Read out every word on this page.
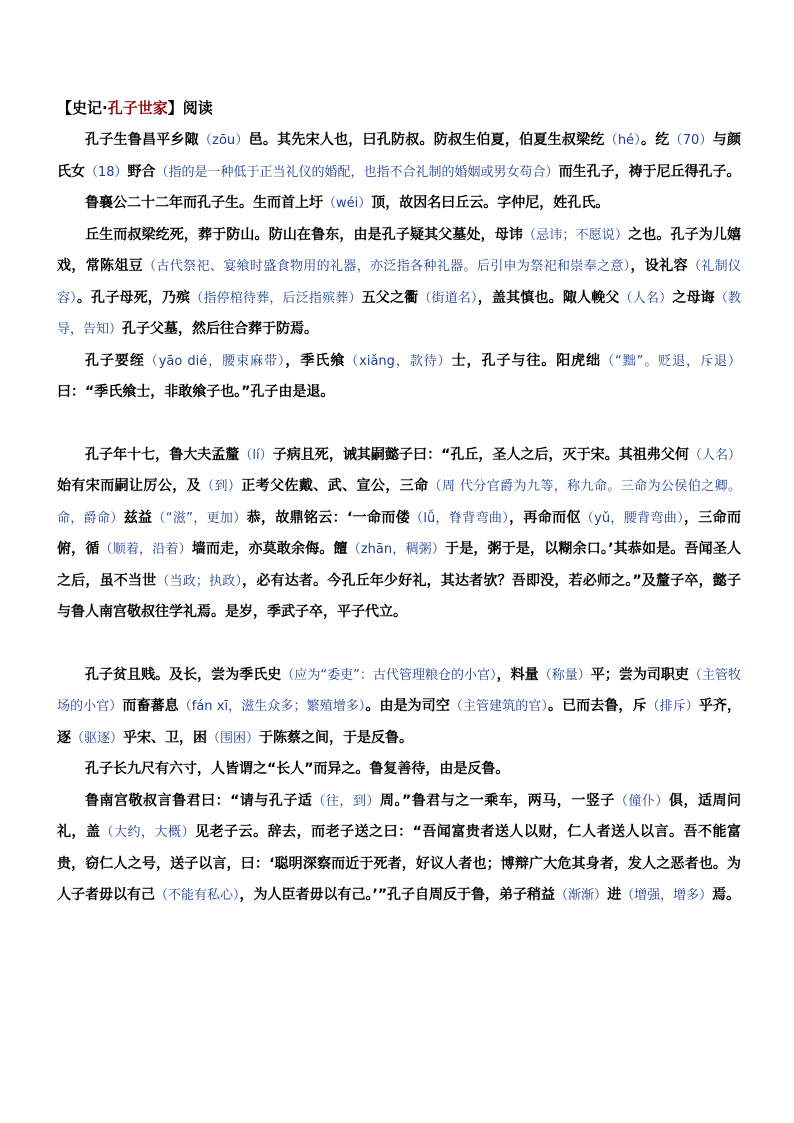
【史记·孔子世家】阅读

孔子生鲁昌平乡陬（zōu）邑。其先宋人也，曰孔防叔。防叔生伯夏，伯夏生叔梁纥（hé）。纥（70）与颜氏女（18）野合（指的是一种低于正当礼仪的婚配，也指不合礼制的婚姻或男女苟合）而生孔子，祷于尼丘得孔子。

鲁襄公二十二年而孔子生。生而首上圩（wéi）顶，故因名曰丘云。字仲尼，姓孔氏。

丘生而叔梁纥死，葬于防山。防山在鲁东，由是孔子疑其父墓处，母讳（忌讳；不愿说）之也。孔子为儿嬉戏，常陈俎豆（古代祭祀、宴飨时盛食物用的礼器，亦泛指各种礼器。后引申为祭祀和崇奉之意），设礼容（礼制仪容）。孔子母死，乃殡（指停棺待葬，后泛指殡葬）五父之衢（街道名），盖其慎也。陬人輓父（人名）之母诲（教导，告知）孔子父墓，然后往合葬于防焉。

孔子要绖（yāo dié，腰束麻带），季氏飨（xiǎng，款待）士，孔子与往。阳虎绌（“黜”。贬退，斥退）曰：“季氏飨士，非敢飨子也。”孔子由是退。

孔子年十七，鲁大夫孟釐（lí）子病且死，诫其嗣懿子曰：“孔丘，圣人之后，灭于宋。其祖弗父何（人名）始有宋而嗣让厉公，及（到）正考父佐戴、武、宣公，三命（周 代分官爵为九等，称九命。三命为公侯伯之卿。命，爵命）兹益（“滋”，更加）恭，故鼎铭云：‘一命而偻（lǚ，脊背弯曲），再命而伛（yǔ，腰背弯曲），三命而俯，循（顺着，沿着）墙而走，亦莫敢余侮。饘（zhān，稠粥）于是，粥于是，以糊余口。’其恭如是。吾闻圣人之后，虽不当世（当政；执政），必有达者。今孔丘年少好礼，其达者欤？吾即没，若必师之。”及釐子卒，懿子与鲁人南宫敬叔往学礼焉。是岁，季武子卒，平子代立。

孔子贫且贱。及长，尝为季氏史（应为“委吏”：古代管理粮仓的小官），料量（称量）平；尝为司职吏（主管牧场的小官）而畜蕃息（fán xī，滋生众多；繁殖增多）。由是为司空（主管建筑的官）。已而去鲁，斥（排斥）乎齐，逐（驱逐）乎宋、卫，困（围困）于陈蔡之间，于是反鲁。

孔子长九尺有六寸，人皆谓之“长人”而异之。鲁复善待，由是反鲁。

鲁南宫敬叔言鲁君曰：“请与孔子适（往，到）周。”鲁君与之一乘车，两马，一竖子（僮仆）俱，适周问礼，盖（大约，大概）见老子云。辞去，而老子送之曰：“吾闻富贵者送人以财，仁人者送人以言。吾不能富贵，窃仁人之号，送子以言，曰：‘聪明深察而近于死者，好议人者也；博辩广大危其身者，发人之恶者也。为人子者毋以有己（不能有私心），为人臣者毋以有己。’”孔子自周反于鲁，弟子稍益（渐渐）进（增强，增多）焉。
